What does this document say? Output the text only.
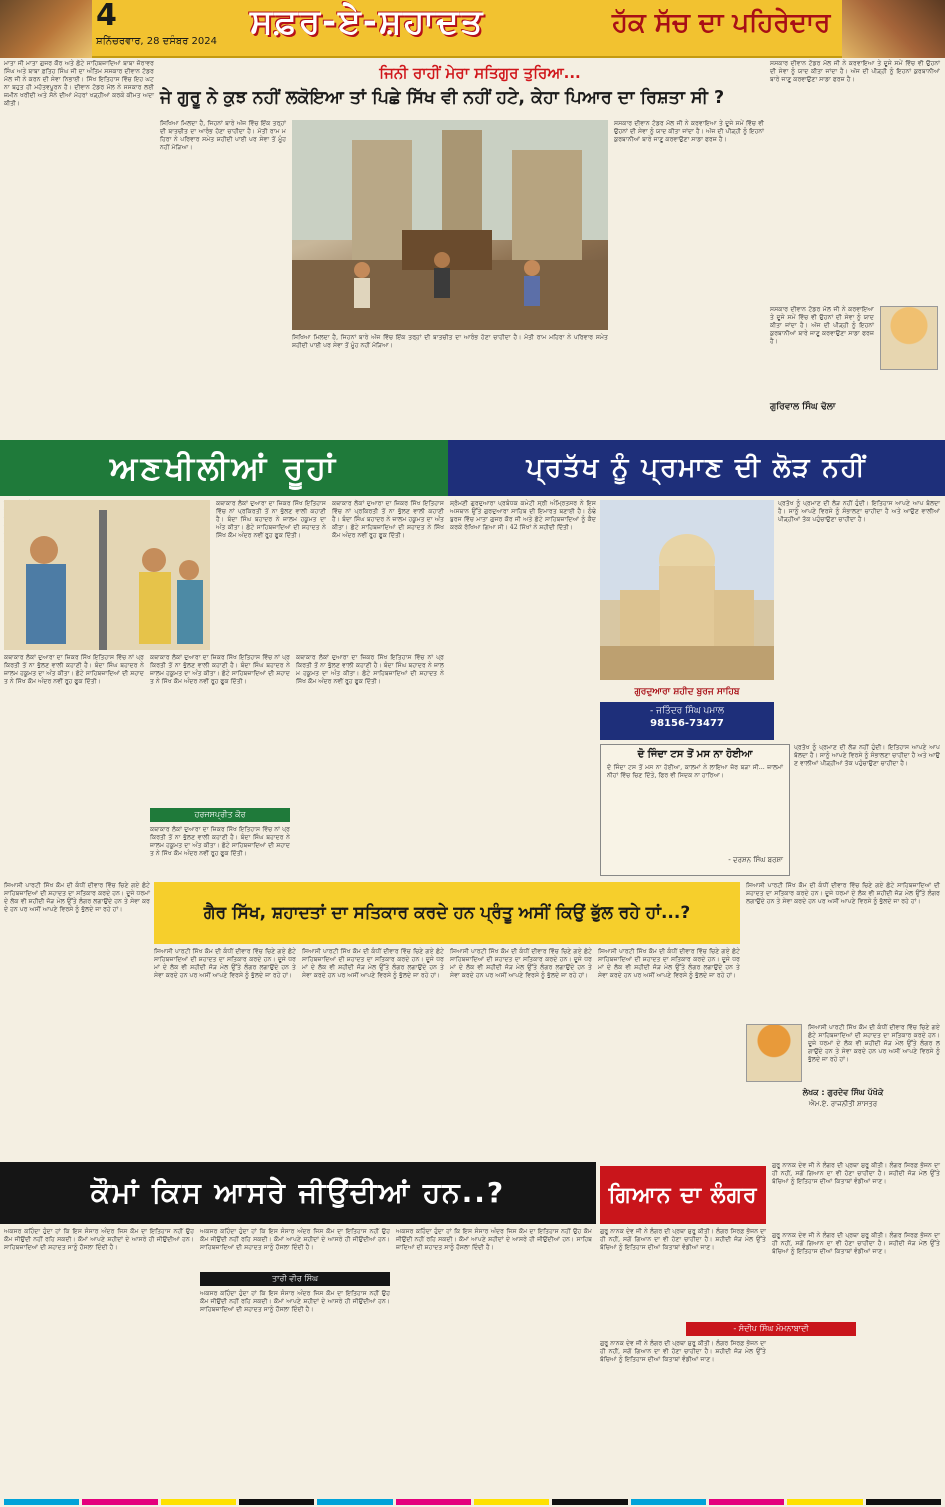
4
ਸ਼ਨਿੱਚਰਵਾਰ, 28 ਦਸੰਬਰ 2024 ਸਫ਼ਰ-ਏ-ਸ਼ਹਾਦਤ	ਹੱਕ ਸੱਚ ਦਾ ਪਹਿਰੇਦਾਰ
ਮਾਤਾ ਜੀ ਮਾਤਾ ਗੁਜਰ ਕੌਰ ਅਤੇ ਛੋਟੇ ਸਾਹਿਬਜ਼ਾਦਿਆਂ ਬਾਬਾ ਜ਼ੋਰਾਵਰ ਸਿੰਘ ਅਤੇ ਬਾਬਾ ਫ਼ਤਿਹ ਸਿੰਘ ਜੀ ਦਾ ਅੰਤਿਮ ਸਸਕਾਰ ਦੀਵਾਨ ਟੋਡਰ ਮੱਲ ਜੀ ਨੇ ਕਰਨ ਦੀ ਸੇਵਾ ਨਿਭਾਈ। ਸਿੱਖ ਇਤਿਹਾਸ ਵਿੱਚ ਇਹ ਘਟਨਾ ਬਹੁਤ ਹੀ ਮਹੱਤਵਪੂਰਨ ਹੈ। ਦੀਵਾਨ ਟੋਡਰ ਮੱਲ ਨੇ ਸਸਕਾਰ ਲਈ ਜ਼ਮੀਨ ਖਰੀਦੀ ਅਤੇ ਸੋਨੇ ਦੀਆਂ ਮੋਹਰਾਂ ਖੜ੍ਹੀਆਂ ਕਰਕੇ ਕੀਮਤ ਅਦਾ ਕੀਤੀ।
ਜਿਨੀ ਰਾਹੀਂ ਮੇਰਾ ਸਤਿਗੁਰ ਤੁਰਿਆ...
ਜੇ ਗੁਰੂ ਨੇ ਕੁਝ ਨਹੀਂ ਲਕੋਇਆ ਤਾਂ ਪਿਛੇ ਸਿੱਖ ਵੀ ਨਹੀਂ ਹਟੇ, ਕੇਹਾ ਪਿਆਰ ਦਾ ਰਿਸ਼ਤਾ ਸੀ ?
ਸਿਖਿਆ ਮਿਲਦਾ ਹੈ, ਜਿਹਨਾਂ ਬਾਰੇ ਅੱਜ ਵਿੱਚ ਇੱਕ ਤਰ੍ਹਾਂ ਦੀ ਬਾਤਚੀਤ ਦਾ ਆਰੰਭ ਹੋਣਾ ਚਾਹੀਦਾ ਹੈ। ਮੋਤੀ ਰਾਮ ਮਹਿਰਾ ਨੇ ਪਰਿਵਾਰ ਸਮੇਤ ਸ਼ਹੀਦੀ ਪਾਈ ਪਰ ਸੇਵਾ ਤੋਂ ਮੂੰਹ ਨਹੀਂ ਮੋੜਿਆ।
ਸਿਖਿਆ ਮਿਲਦਾ ਹੈ, ਜਿਹਨਾਂ ਬਾਰੇ ਅੱਜ ਵਿੱਚ ਇੱਕ ਤਰ੍ਹਾਂ ਦੀ ਬਾਤਚੀਤ ਦਾ ਆਰੰਭ ਹੋਣਾ ਚਾਹੀਦਾ ਹੈ। ਮੋਤੀ ਰਾਮ ਮਹਿਰਾ ਨੇ ਪਰਿਵਾਰ ਸਮੇਤ ਸ਼ਹੀਦੀ ਪਾਈ ਪਰ ਸੇਵਾ ਤੋਂ ਮੂੰਹ ਨਹੀਂ ਮੋੜਿਆ।
ਸਸਕਾਰ ਦੀਵਾਨ ਟੋਡਰ ਮੱਲ ਜੀ ਨੇ ਕਰਵਾਇਆ ਤੇ ਦੂਜੇ ਸਮੇਂ ਵਿੱਚ ਵੀ ਉਹਨਾਂ ਦੀ ਸੇਵਾ ਨੂੰ ਯਾਦ ਕੀਤਾ ਜਾਂਦਾ ਹੈ। ਅੱਜ ਦੀ ਪੀੜ੍ਹੀ ਨੂੰ ਇਹਨਾਂ ਕੁਰਬਾਨੀਆਂ ਬਾਰੇ ਜਾਣੂ ਕਰਵਾਉਣਾ ਸਾਡਾ ਫਰਜ਼ ਹੈ।
ਸਸਕਾਰ ਦੀਵਾਨ ਟੋਡਰ ਮੱਲ ਜੀ ਨੇ ਕਰਵਾਇਆ ਤੇ ਦੂਜੇ ਸਮੇਂ ਵਿੱਚ ਵੀ ਉਹਨਾਂ ਦੀ ਸੇਵਾ ਨੂੰ ਯਾਦ ਕੀਤਾ ਜਾਂਦਾ ਹੈ। ਅੱਜ ਦੀ ਪੀੜ੍ਹੀ ਨੂੰ ਇਹਨਾਂ ਕੁਰਬਾਨੀਆਂ ਬਾਰੇ ਜਾਣੂ ਕਰਵਾਉਣਾ ਸਾਡਾ ਫਰਜ਼ ਹੈ।
ਸਸਕਾਰ ਦੀਵਾਨ ਟੋਡਰ ਮੱਲ ਜੀ ਨੇ ਕਰਵਾਇਆ ਤੇ ਦੂਜੇ ਸਮੇਂ ਵਿੱਚ ਵੀ ਉਹਨਾਂ ਦੀ ਸੇਵਾ ਨੂੰ ਯਾਦ ਕੀਤਾ ਜਾਂਦਾ ਹੈ। ਅੱਜ ਦੀ ਪੀੜ੍ਹੀ ਨੂੰ ਇਹਨਾਂ ਕੁਰਬਾਨੀਆਂ ਬਾਰੇ ਜਾਣੂ ਕਰਵਾਉਣਾ ਸਾਡਾ ਫਰਜ਼ ਹੈ।
ਗੁਰਿਵਾਲ ਸਿੰਘ ਢੋਲਾ
ਅਣਖੀਲੀਆਂ ਰੂਹਾਂ
ਕਥਾਕਾਰ ਲੋਕਾਂ ਦੁਆਰਾ ਦਾ ਜ਼ਿਕਰ ਸਿੱਖ ਇਤਿਹਾਸ ਵਿੱਚ ਨਾਂ ਪ੍ਰਕਿਰਤੀ ਤੋਂ ਨਾ ਭੁੱਲਣ ਵਾਲੀ ਕਹਾਣੀ ਹੈ। ਬੰਦਾ ਸਿੰਘ ਬਹਾਦਰ ਨੇ ਜ਼ਾਲਮ ਹਕੂਮਤ ਦਾ ਅੰਤ ਕੀਤਾ। ਛੋਟੇ ਸਾਹਿਬਜ਼ਾਦਿਆਂ ਦੀ ਸ਼ਹਾਦਤ ਨੇ ਸਿੱਖ ਕੌਮ ਅੰਦਰ ਨਵੀਂ ਰੂਹ ਫੂਕ ਦਿੱਤੀ।
ਕਥਾਕਾਰ ਲੋਕਾਂ ਦੁਆਰਾ ਦਾ ਜ਼ਿਕਰ ਸਿੱਖ ਇਤਿਹਾਸ ਵਿੱਚ ਨਾਂ ਪ੍ਰਕਿਰਤੀ ਤੋਂ ਨਾ ਭੁੱਲਣ ਵਾਲੀ ਕਹਾਣੀ ਹੈ। ਬੰਦਾ ਸਿੰਘ ਬਹਾਦਰ ਨੇ ਜ਼ਾਲਮ ਹਕੂਮਤ ਦਾ ਅੰਤ ਕੀਤਾ। ਛੋਟੇ ਸਾਹਿਬਜ਼ਾਦਿਆਂ ਦੀ ਸ਼ਹਾਦਤ ਨੇ ਸਿੱਖ ਕੌਮ ਅੰਦਰ ਨਵੀਂ ਰੂਹ ਫੂਕ ਦਿੱਤੀ।
ਕਥਾਕਾਰ ਲੋਕਾਂ ਦੁਆਰਾ ਦਾ ਜ਼ਿਕਰ ਸਿੱਖ ਇਤਿਹਾਸ ਵਿੱਚ ਨਾਂ ਪ੍ਰਕਿਰਤੀ ਤੋਂ ਨਾ ਭੁੱਲਣ ਵਾਲੀ ਕਹਾਣੀ ਹੈ। ਬੰਦਾ ਸਿੰਘ ਬਹਾਦਰ ਨੇ ਜ਼ਾਲਮ ਹਕੂਮਤ ਦਾ ਅੰਤ ਕੀਤਾ। ਛੋਟੇ ਸਾਹਿਬਜ਼ਾਦਿਆਂ ਦੀ ਸ਼ਹਾਦਤ ਨੇ ਸਿੱਖ ਕੌਮ ਅੰਦਰ ਨਵੀਂ ਰੂਹ ਫੂਕ ਦਿੱਤੀ।
ਕਥਾਕਾਰ ਲੋਕਾਂ ਦੁਆਰਾ ਦਾ ਜ਼ਿਕਰ ਸਿੱਖ ਇਤਿਹਾਸ ਵਿੱਚ ਨਾਂ ਪ੍ਰਕਿਰਤੀ ਤੋਂ ਨਾ ਭੁੱਲਣ ਵਾਲੀ ਕਹਾਣੀ ਹੈ। ਬੰਦਾ ਸਿੰਘ ਬਹਾਦਰ ਨੇ ਜ਼ਾਲਮ ਹਕੂਮਤ ਦਾ ਅੰਤ ਕੀਤਾ। ਛੋਟੇ ਸਾਹਿਬਜ਼ਾਦਿਆਂ ਦੀ ਸ਼ਹਾਦਤ ਨੇ ਸਿੱਖ ਕੌਮ ਅੰਦਰ ਨਵੀਂ ਰੂਹ ਫੂਕ ਦਿੱਤੀ।
ਹਰਜਸਪ੍ਰੀਤ ਕੌਰ
ਕਥਾਕਾਰ ਲੋਕਾਂ ਦੁਆਰਾ ਦਾ ਜ਼ਿਕਰ ਸਿੱਖ ਇਤਿਹਾਸ ਵਿੱਚ ਨਾਂ ਪ੍ਰਕਿਰਤੀ ਤੋਂ ਨਾ ਭੁੱਲਣ ਵਾਲੀ ਕਹਾਣੀ ਹੈ। ਬੰਦਾ ਸਿੰਘ ਬਹਾਦਰ ਨੇ ਜ਼ਾਲਮ ਹਕੂਮਤ ਦਾ ਅੰਤ ਕੀਤਾ। ਛੋਟੇ ਸਾਹਿਬਜ਼ਾਦਿਆਂ ਦੀ ਸ਼ਹਾਦਤ ਨੇ ਸਿੱਖ ਕੌਮ ਅੰਦਰ ਨਵੀਂ ਰੂਹ ਫੂਕ ਦਿੱਤੀ।
ਕਥਾਕਾਰ ਲੋਕਾਂ ਦੁਆਰਾ ਦਾ ਜ਼ਿਕਰ ਸਿੱਖ ਇਤਿਹਾਸ ਵਿੱਚ ਨਾਂ ਪ੍ਰਕਿਰਤੀ ਤੋਂ ਨਾ ਭੁੱਲਣ ਵਾਲੀ ਕਹਾਣੀ ਹੈ। ਬੰਦਾ ਸਿੰਘ ਬਹਾਦਰ ਨੇ ਜ਼ਾਲਮ ਹਕੂਮਤ ਦਾ ਅੰਤ ਕੀਤਾ। ਛੋਟੇ ਸਾਹਿਬਜ਼ਾਦਿਆਂ ਦੀ ਸ਼ਹਾਦਤ ਨੇ ਸਿੱਖ ਕੌਮ ਅੰਦਰ ਨਵੀਂ ਰੂਹ ਫੂਕ ਦਿੱਤੀ।
ਪ੍ਰਤੱਖ ਨੂੰ ਪ੍ਰਮਾਣ ਦੀ ਲੋੜ ਨਹੀਂ
ਸ਼੍ਰੋਮਣੀ ਗੁਰਦੁਆਰਾ ਪ੍ਰਬੰਧਕ ਕਮੇਟੀ ਸ੍ਰੀ ਅੰਮ੍ਰਿਤਸਰ ਨੇ ਇਸ ਅਸਥਾਨ ਉੱਤੇ ਗੁਰਦੁਆਰਾ ਸਾਹਿਬ ਦੀ ਇਮਾਰਤ ਬਣਾਈ ਹੈ। ਠੰਢੇ ਬੁਰਜ ਵਿੱਚ ਮਾਤਾ ਗੁਜਰ ਕੌਰ ਜੀ ਅਤੇ ਛੋਟੇ ਸਾਹਿਬਜ਼ਾਦਿਆਂ ਨੂੰ ਕੈਦ ਕਰਕੇ ਰੱਖਿਆ ਗਿਆ ਸੀ। 42 ਸਿੱਖਾਂ ਨੇ ਸ਼ਹੀਦੀ ਦਿੱਤੀ।
ਗੁਰਦੁਆਰਾ ਸ਼ਹੀਦ ਬੁਰਜ ਸਾਹਿਬ
- ਜਤਿੰਦਰ ਸਿੰਘ ਪਮਾਲ
98156-73477
ਪ੍ਰਤੱਖ ਨੂੰ ਪ੍ਰਮਾਣ ਦੀ ਲੋੜ ਨਹੀਂ ਹੁੰਦੀ। ਇਤਿਹਾਸ ਆਪਣੇ ਆਪ ਬੋਲਦਾ ਹੈ। ਸਾਨੂੰ ਆਪਣੇ ਵਿਰਸੇ ਨੂੰ ਸੰਭਾਲਣਾ ਚਾਹੀਦਾ ਹੈ ਅਤੇ ਆਉਣ ਵਾਲੀਆਂ ਪੀੜ੍ਹੀਆਂ ਤੱਕ ਪਹੁੰਚਾਉਣਾ ਚਾਹੀਦਾ ਹੈ।
ਦੋ ਜਿੰਦਾ ਟਸ ਤੋਂ ਮਸ ਨਾ ਹੋਈਆ
ਦੋ ਜਿੰਦਾ ਟਸ ਤੋਂ ਮਸ ਨਾ ਹੋਈਆ, ਕਾਲਮਾਂ ਨੇ ਲਾਇਆ ਜ਼ੋਰ ਬੜਾ ਸੀ... ਜ਼ਾਲਮਾਂ ਨੀਹਾਂ ਵਿੱਚ ਚਿਣ ਦਿੱਤੇ, ਫਿਰ ਵੀ ਸਿਦਕ ਨਾ ਹਾਰਿਆ।
- ਦਰਸ਼ਨ ਸਿੰਘ ਬਰਸ਼ਾ
ਪ੍ਰਤੱਖ ਨੂੰ ਪ੍ਰਮਾਣ ਦੀ ਲੋੜ ਨਹੀਂ ਹੁੰਦੀ। ਇਤਿਹਾਸ ਆਪਣੇ ਆਪ ਬੋਲਦਾ ਹੈ। ਸਾਨੂੰ ਆਪਣੇ ਵਿਰਸੇ ਨੂੰ ਸੰਭਾਲਣਾ ਚਾਹੀਦਾ ਹੈ ਅਤੇ ਆਉਣ ਵਾਲੀਆਂ ਪੀੜ੍ਹੀਆਂ ਤੱਕ ਪਹੁੰਚਾਉਣਾ ਚਾਹੀਦਾ ਹੈ।
ਸਿਆਸੀ ਪਾਰਟੀ ਸਿੱਖ ਕੌਮ ਦੀ ਕੰਧੀਂ ਦੀਵਾਰ ਵਿੱਚ ਚਿਣੇ ਗਏ ਛੋਟੇ ਸਾਹਿਬਜ਼ਾਦਿਆਂ ਦੀ ਸ਼ਹਾਦਤ ਦਾ ਸਤਿਕਾਰ ਕਰਦੇ ਹਨ। ਦੂਜੇ ਧਰਮਾਂ ਦੇ ਲੋਕ ਵੀ ਸ਼ਹੀਦੀ ਜੋੜ ਮੇਲ ਉੱਤੇ ਲੰਗਰ ਲਗਾਉਂਦੇ ਹਨ ਤੇ ਸੇਵਾ ਕਰਦੇ ਹਨ ਪਰ ਅਸੀਂ ਆਪਣੇ ਵਿਰਸੇ ਨੂੰ ਭੁੱਲਦੇ ਜਾ ਰਹੇ ਹਾਂ।	ਗੈਰ ਸਿੱਖ, ਸ਼ਹਾਦਤਾਂ ਦਾ ਸਤਿਕਾਰ ਕਰਦੇ ਹਨ ਪ੍ਰੰਤੂ ਅਸੀਂ ਕਿਉਂ ਭੁੱਲ ਰਹੇ ਹਾਂ...?
ਸਿਆਸੀ ਪਾਰਟੀ ਸਿੱਖ ਕੌਮ ਦੀ ਕੰਧੀਂ ਦੀਵਾਰ ਵਿੱਚ ਚਿਣੇ ਗਏ ਛੋਟੇ ਸਾਹਿਬਜ਼ਾਦਿਆਂ ਦੀ ਸ਼ਹਾਦਤ ਦਾ ਸਤਿਕਾਰ ਕਰਦੇ ਹਨ। ਦੂਜੇ ਧਰਮਾਂ ਦੇ ਲੋਕ ਵੀ ਸ਼ਹੀਦੀ ਜੋੜ ਮੇਲ ਉੱਤੇ ਲੰਗਰ ਲਗਾਉਂਦੇ ਹਨ ਤੇ ਸੇਵਾ ਕਰਦੇ ਹਨ ਪਰ ਅਸੀਂ ਆਪਣੇ ਵਿਰਸੇ ਨੂੰ ਭੁੱਲਦੇ ਜਾ ਰਹੇ ਹਾਂ।
ਸਿਆਸੀ ਪਾਰਟੀ ਸਿੱਖ ਕੌਮ ਦੀ ਕੰਧੀਂ ਦੀਵਾਰ ਵਿੱਚ ਚਿਣੇ ਗਏ ਛੋਟੇ ਸਾਹਿਬਜ਼ਾਦਿਆਂ ਦੀ ਸ਼ਹਾਦਤ ਦਾ ਸਤਿਕਾਰ ਕਰਦੇ ਹਨ। ਦੂਜੇ ਧਰਮਾਂ ਦੇ ਲੋਕ ਵੀ ਸ਼ਹੀਦੀ ਜੋੜ ਮੇਲ ਉੱਤੇ ਲੰਗਰ ਲਗਾਉਂਦੇ ਹਨ ਤੇ ਸੇਵਾ ਕਰਦੇ ਹਨ ਪਰ ਅਸੀਂ ਆਪਣੇ ਵਿਰਸੇ ਨੂੰ ਭੁੱਲਦੇ ਜਾ ਰਹੇ ਹਾਂ।
ਸਿਆਸੀ ਪਾਰਟੀ ਸਿੱਖ ਕੌਮ ਦੀ ਕੰਧੀਂ ਦੀਵਾਰ ਵਿੱਚ ਚਿਣੇ ਗਏ ਛੋਟੇ ਸਾਹਿਬਜ਼ਾਦਿਆਂ ਦੀ ਸ਼ਹਾਦਤ ਦਾ ਸਤਿਕਾਰ ਕਰਦੇ ਹਨ। ਦੂਜੇ ਧਰਮਾਂ ਦੇ ਲੋਕ ਵੀ ਸ਼ਹੀਦੀ ਜੋੜ ਮੇਲ ਉੱਤੇ ਲੰਗਰ ਲਗਾਉਂਦੇ ਹਨ ਤੇ ਸੇਵਾ ਕਰਦੇ ਹਨ ਪਰ ਅਸੀਂ ਆਪਣੇ ਵਿਰਸੇ ਨੂੰ ਭੁੱਲਦੇ ਜਾ ਰਹੇ ਹਾਂ।
ਸਿਆਸੀ ਪਾਰਟੀ ਸਿੱਖ ਕੌਮ ਦੀ ਕੰਧੀਂ ਦੀਵਾਰ ਵਿੱਚ ਚਿਣੇ ਗਏ ਛੋਟੇ ਸਾਹਿਬਜ਼ਾਦਿਆਂ ਦੀ ਸ਼ਹਾਦਤ ਦਾ ਸਤਿਕਾਰ ਕਰਦੇ ਹਨ। ਦੂਜੇ ਧਰਮਾਂ ਦੇ ਲੋਕ ਵੀ ਸ਼ਹੀਦੀ ਜੋੜ ਮੇਲ ਉੱਤੇ ਲੰਗਰ ਲਗਾਉਂਦੇ ਹਨ ਤੇ ਸੇਵਾ ਕਰਦੇ ਹਨ ਪਰ ਅਸੀਂ ਆਪਣੇ ਵਿਰਸੇ ਨੂੰ ਭੁੱਲਦੇ ਜਾ ਰਹੇ ਹਾਂ।
ਸਿਆਸੀ ਪਾਰਟੀ ਸਿੱਖ ਕੌਮ ਦੀ ਕੰਧੀਂ ਦੀਵਾਰ ਵਿੱਚ ਚਿਣੇ ਗਏ ਛੋਟੇ ਸਾਹਿਬਜ਼ਾਦਿਆਂ ਦੀ ਸ਼ਹਾਦਤ ਦਾ ਸਤਿਕਾਰ ਕਰਦੇ ਹਨ। ਦੂਜੇ ਧਰਮਾਂ ਦੇ ਲੋਕ ਵੀ ਸ਼ਹੀਦੀ ਜੋੜ ਮੇਲ ਉੱਤੇ ਲੰਗਰ ਲਗਾਉਂਦੇ ਹਨ ਤੇ ਸੇਵਾ ਕਰਦੇ ਹਨ ਪਰ ਅਸੀਂ ਆਪਣੇ ਵਿਰਸੇ ਨੂੰ ਭੁੱਲਦੇ ਜਾ ਰਹੇ ਹਾਂ।
ਸਿਆਸੀ ਪਾਰਟੀ ਸਿੱਖ ਕੌਮ ਦੀ ਕੰਧੀਂ ਦੀਵਾਰ ਵਿੱਚ ਚਿਣੇ ਗਏ ਛੋਟੇ ਸਾਹਿਬਜ਼ਾਦਿਆਂ ਦੀ ਸ਼ਹਾਦਤ ਦਾ ਸਤਿਕਾਰ ਕਰਦੇ ਹਨ। ਦੂਜੇ ਧਰਮਾਂ ਦੇ ਲੋਕ ਵੀ ਸ਼ਹੀਦੀ ਜੋੜ ਮੇਲ ਉੱਤੇ ਲੰਗਰ ਲਗਾਉਂਦੇ ਹਨ ਤੇ ਸੇਵਾ ਕਰਦੇ ਹਨ ਪਰ ਅਸੀਂ ਆਪਣੇ ਵਿਰਸੇ ਨੂੰ ਭੁੱਲਦੇ ਜਾ ਰਹੇ ਹਾਂ।
ਲੇਖਕ : ਗੁਰਦੇਵ ਸਿੰਘ ਪੱਖੋਕੇ
ਐਮ.ਏ. ਰਾਜਨੀਤੀ ਸ਼ਾਸਤਰ
ਕੌਮਾਂ ਕਿਸ ਆਸਰੇ ਜੀਉਂਦੀਆਂ ਹਨ..?
ਅਕਸਰ ਕਹਿੰਦਾ ਹੁੰਦਾ ਹਾਂ ਕਿ ਇਸ ਸੰਸਾਰ ਅੰਦਰ ਜਿਸ ਕੌਮ ਦਾ ਇਤਿਹਾਸ ਨਹੀਂ ਉਹ ਕੌਮ ਜੀਉਂਦੀ ਨਹੀਂ ਰਹਿ ਸਕਦੀ। ਕੌਮਾਂ ਆਪਣੇ ਸ਼ਹੀਦਾਂ ਦੇ ਆਸਰੇ ਹੀ ਜੀਉਂਦੀਆਂ ਹਨ। ਸਾਹਿਬਜ਼ਾਦਿਆਂ ਦੀ ਸ਼ਹਾਦਤ ਸਾਨੂੰ ਹੌਸਲਾ ਦਿੰਦੀ ਹੈ।
ਅਕਸਰ ਕਹਿੰਦਾ ਹੁੰਦਾ ਹਾਂ ਕਿ ਇਸ ਸੰਸਾਰ ਅੰਦਰ ਜਿਸ ਕੌਮ ਦਾ ਇਤਿਹਾਸ ਨਹੀਂ ਉਹ ਕੌਮ ਜੀਉਂਦੀ ਨਹੀਂ ਰਹਿ ਸਕਦੀ। ਕੌਮਾਂ ਆਪਣੇ ਸ਼ਹੀਦਾਂ ਦੇ ਆਸਰੇ ਹੀ ਜੀਉਂਦੀਆਂ ਹਨ। ਸਾਹਿਬਜ਼ਾਦਿਆਂ ਦੀ ਸ਼ਹਾਦਤ ਸਾਨੂੰ ਹੌਸਲਾ ਦਿੰਦੀ ਹੈ।
ਤਾਰੀ ਵੀਰ ਸਿੰਘ
ਅਕਸਰ ਕਹਿੰਦਾ ਹੁੰਦਾ ਹਾਂ ਕਿ ਇਸ ਸੰਸਾਰ ਅੰਦਰ ਜਿਸ ਕੌਮ ਦਾ ਇਤਿਹਾਸ ਨਹੀਂ ਉਹ ਕੌਮ ਜੀਉਂਦੀ ਨਹੀਂ ਰਹਿ ਸਕਦੀ। ਕੌਮਾਂ ਆਪਣੇ ਸ਼ਹੀਦਾਂ ਦੇ ਆਸਰੇ ਹੀ ਜੀਉਂਦੀਆਂ ਹਨ। ਸਾਹਿਬਜ਼ਾਦਿਆਂ ਦੀ ਸ਼ਹਾਦਤ ਸਾਨੂੰ ਹੌਸਲਾ ਦਿੰਦੀ ਹੈ।
ਅਕਸਰ ਕਹਿੰਦਾ ਹੁੰਦਾ ਹਾਂ ਕਿ ਇਸ ਸੰਸਾਰ ਅੰਦਰ ਜਿਸ ਕੌਮ ਦਾ ਇਤਿਹਾਸ ਨਹੀਂ ਉਹ ਕੌਮ ਜੀਉਂਦੀ ਨਹੀਂ ਰਹਿ ਸਕਦੀ। ਕੌਮਾਂ ਆਪਣੇ ਸ਼ਹੀਦਾਂ ਦੇ ਆਸਰੇ ਹੀ ਜੀਉਂਦੀਆਂ ਹਨ। ਸਾਹਿਬਜ਼ਾਦਿਆਂ ਦੀ ਸ਼ਹਾਦਤ ਸਾਨੂੰ ਹੌਸਲਾ ਦਿੰਦੀ ਹੈ।
ਗਿਆਨ ਦਾ ਲੰਗਰ
ਗੁਰੂ ਨਾਨਕ ਦੇਵ ਜੀ ਨੇ ਲੰਗਰ ਦੀ ਪ੍ਰਥਾ ਸ਼ੁਰੂ ਕੀਤੀ। ਲੰਗਰ ਸਿਰਫ਼ ਭੋਜਨ ਦਾ ਹੀ ਨਹੀਂ, ਸਗੋਂ ਗਿਆਨ ਦਾ ਵੀ ਹੋਣਾ ਚਾਹੀਦਾ ਹੈ। ਸ਼ਹੀਦੀ ਜੋੜ ਮੇਲ ਉੱਤੇ ਬੱਚਿਆਂ ਨੂੰ ਇਤਿਹਾਸ ਦੀਆਂ ਕਿਤਾਬਾਂ ਵੰਡੀਆਂ ਜਾਣ।
ਗੁਰੂ ਨਾਨਕ ਦੇਵ ਜੀ ਨੇ ਲੰਗਰ ਦੀ ਪ੍ਰਥਾ ਸ਼ੁਰੂ ਕੀਤੀ। ਲੰਗਰ ਸਿਰਫ਼ ਭੋਜਨ ਦਾ ਹੀ ਨਹੀਂ, ਸਗੋਂ ਗਿਆਨ ਦਾ ਵੀ ਹੋਣਾ ਚਾਹੀਦਾ ਹੈ। ਸ਼ਹੀਦੀ ਜੋੜ ਮੇਲ ਉੱਤੇ ਬੱਚਿਆਂ ਨੂੰ ਇਤਿਹਾਸ ਦੀਆਂ ਕਿਤਾਬਾਂ ਵੰਡੀਆਂ ਜਾਣ।
- ਸੰਦੀਪ ਸਿੰਘ ਮੋਮਨਾਬਾਦੀ
ਗੁਰੂ ਨਾਨਕ ਦੇਵ ਜੀ ਨੇ ਲੰਗਰ ਦੀ ਪ੍ਰਥਾ ਸ਼ੁਰੂ ਕੀਤੀ। ਲੰਗਰ ਸਿਰਫ਼ ਭੋਜਨ ਦਾ ਹੀ ਨਹੀਂ, ਸਗੋਂ ਗਿਆਨ ਦਾ ਵੀ ਹੋਣਾ ਚਾਹੀਦਾ ਹੈ। ਸ਼ਹੀਦੀ ਜੋੜ ਮੇਲ ਉੱਤੇ ਬੱਚਿਆਂ ਨੂੰ ਇਤਿਹਾਸ ਦੀਆਂ ਕਿਤਾਬਾਂ ਵੰਡੀਆਂ ਜਾਣ।
ਗੁਰੂ ਨਾਨਕ ਦੇਵ ਜੀ ਨੇ ਲੰਗਰ ਦੀ ਪ੍ਰਥਾ ਸ਼ੁਰੂ ਕੀਤੀ। ਲੰਗਰ ਸਿਰਫ਼ ਭੋਜਨ ਦਾ ਹੀ ਨਹੀਂ, ਸਗੋਂ ਗਿਆਨ ਦਾ ਵੀ ਹੋਣਾ ਚਾਹੀਦਾ ਹੈ। ਸ਼ਹੀਦੀ ਜੋੜ ਮੇਲ ਉੱਤੇ ਬੱਚਿਆਂ ਨੂੰ ਇਤਿਹਾਸ ਦੀਆਂ ਕਿਤਾਬਾਂ ਵੰਡੀਆਂ ਜਾਣ।
